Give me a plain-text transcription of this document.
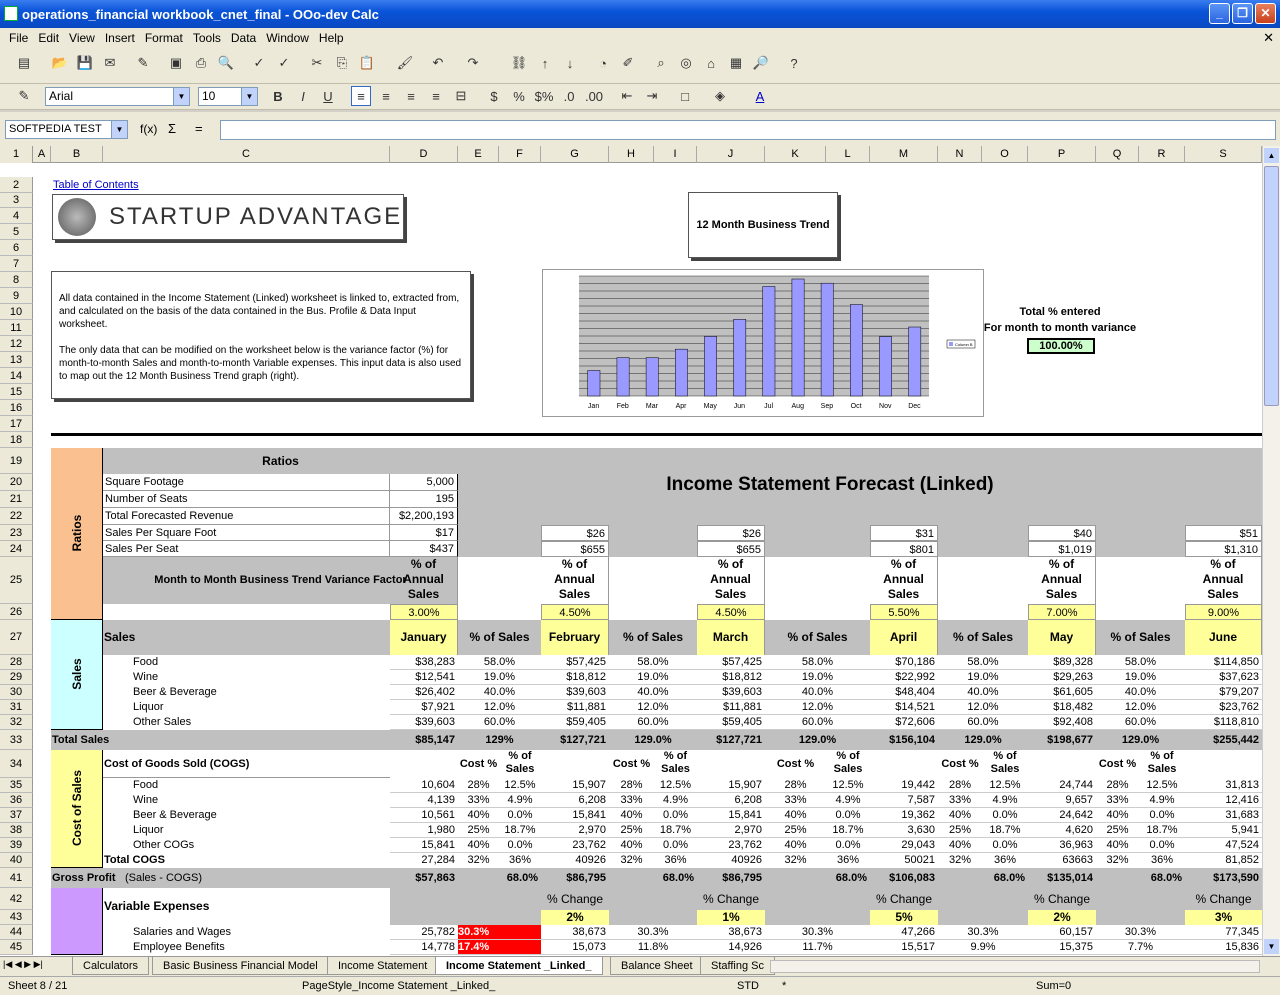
operations_financial workbook_cnet_final - OOo-dev Calc	_	❐	✕
File Edit View Insert Format Tools Data Window Help	✕
▤ 📂 💾 ✉	✎	▣	⎙ 🔍	✓	✓	✂	⎘ 📋 🖌	↶	↷	⛓	↑	↓	◔	✐	⌕	◎	⌂	▦ 🔎	?
✎	Arial	▼	10	▼	B	I	U	≡	≡	≡	≡	⊟	$	% $% .0 .00	⇤	⇥	□	◈	A
SOFTPEDIA TEST	▼ f(x) Σ =
A	B	C	D	E	F	G	H	I	J	K	L	M	N	O	P	Q	R	S
2
3
4
5
6
7
8
9
10
11
12
13
14
15
16
17
18
19
20
21
22
23
24
25
26
27
28
29
30
31
32
33
34
35
36
37
38
39
40
41
42
43
44
45
1
Table of Contents
STARTUP ADVANTAGE
All data contained in the Income Statement (Linked) worksheet is linked to, extracted from, and calculated on the basis of the data contained in the Bus. Profile & Data Input worksheet.
The only data that can be modified on the worksheet below is the variance factor (%) for month-to-month Sales and month-to-month Variable expenses. This input data is also used to map out the 12 Month Business Trend graph (right).
12 Month Business Trend
Jan Feb Mar	Apr May Jun	Jul	Aug Sep Oct Nov Dec
Column B
Total % entered
For month to month variance
100.00%
Ratios
Sales
Cost of Sales
Ratios
Income Statement Forecast (Linked)
Square Footage	5,000
Number of Seats	195
Total Forecasted Revenue	$2,200,193
Sales Per Square Foot	$17
Sales Per Seat	$437
$26
$655
$26
$655
$31
$801
$40
$1,019
$51
$1,310
Month to Month Business Trend Variance Factor
% of Annual Sales
3.00%
% of Annual Sales
4.50%
% of Annual Sales
4.50%
% of Annual Sales
5.50%
% of Annual Sales
7.00%
% of Annual Sales
9.00%
Sales	January	% of Sales	February	% of Sales	March	% of Sales	April	% of Sales	May	% of Sales	June
Food	$38,283	58.0%	$57,425	58.0%	$57,425	58.0%	$70,186	58.0%	$89,328	58.0%	$114,850
Wine	$12,541	19.0%	$18,812	19.0%	$18,812	19.0%	$22,992	19.0%	$29,263	19.0%	$37,623
Beer & Beverage	$26,402	40.0%	$39,603	40.0%	$39,603	40.0%	$48,404	40.0%	$61,605	40.0%	$79,207
Liquor	$7,921	12.0%	$11,881	12.0%	$11,881	12.0%	$14,521	12.0%	$18,482	12.0%	$23,762
Other Sales	$39,603	60.0%	$59,405	60.0%	$59,405	60.0%	$72,606	60.0%	$92,408	60.0%	$118,810
Total Sales	$85,147	129%	$127,721	129.0%	$127,721	129.0%	$156,104	129.0%	$198,677	129.0%	$255,442
Cost of Goods Sold (COGS)	Cost %
% of Sales	Cost %
% of Sales	Cost %
% of Sales	Cost %
% of Sales	Cost %
% of Sales
Food	10,604	28%	12.5%	15,907	28%	12.5%	15,907	28%	12.5%	19,442	28%	12.5%	24,744	28%	12.5%	31,813
Wine	4,139	33%	4.9%	6,208	33%	4.9%	6,208	33%	4.9%	7,587	33%	4.9%	9,657	33%	4.9%	12,416
Beer & Beverage	10,561	40%	0.0%	15,841	40%	0.0%	15,841	40%	0.0%	19,362	40%	0.0%	24,642	40%	0.0%	31,683
Liquor	1,980	25%	18.7%	2,970	25%	18.7%	2,970	25%	18.7%	3,630	25%	18.7%	4,620	25%	18.7%	5,941
Other COGs	15,841	40%	0.0%	23,762	40%	0.0%	23,762	40%	0.0%	29,043	40%	0.0%	36,963	40%	0.0%	47,524
Total COGS	27,284	32%	36%	40926	32%	36%	40926	32%	36%	50021	32%	36%	63663	32%	36%	81,852
Gross Profit (Sales - COGS)	$57,863	68.0%	$86,795	68.0%	$86,795	68.0%	$106,083	68.0%	$135,014	68.0%	$173,590
Variable Expenses	% Change
2%
% Change
1%
% Change
5%
% Change
2%
% Change
3%
Salaries and Wages	25,782 30.3%	38,673	30.3%	38,673	30.3%	47,266	30.3%	60,157	30.3%	77,345
Employee Benefits	14,778 17.4%	15,073	11.8%	14,926	11.7%	15,517	9.9%	15,375	7.7%	15,836
▲
▼
|◀ ◀ ▶ ▶|	Calculators	Basic Business Financial Model	Income Statement	Income Statement _Linked_	Balance Sheet	Staffing Sc
Sheet 8 / 21	PageStyle_Income Statement _Linked_	STD *	Sum=0
